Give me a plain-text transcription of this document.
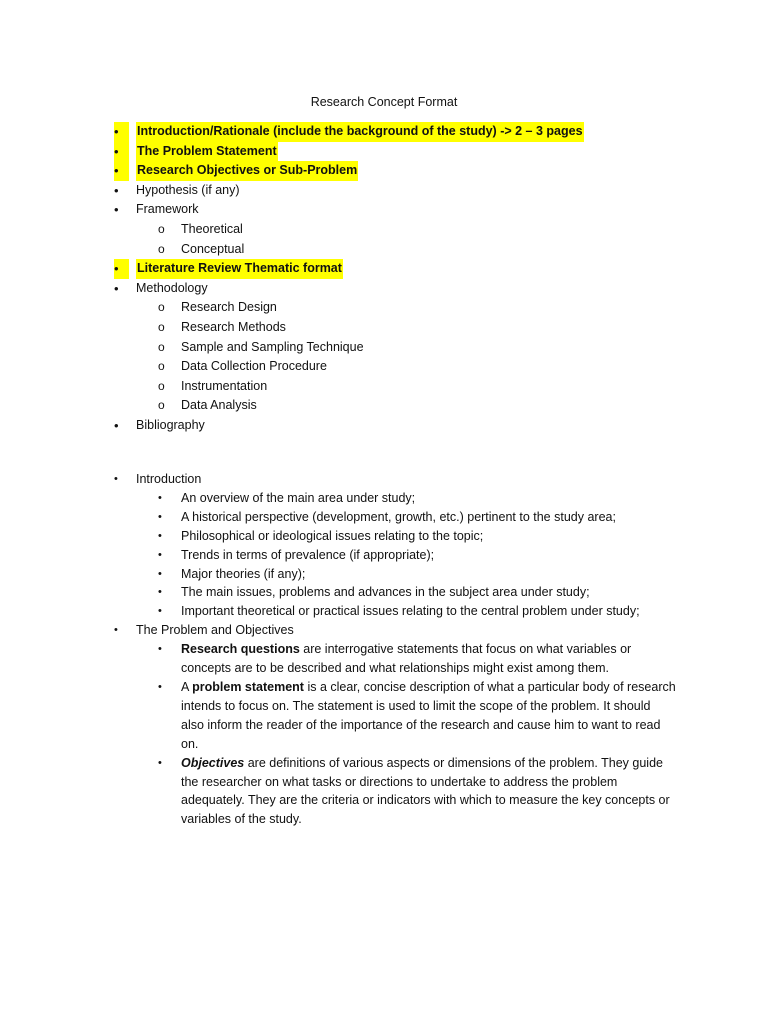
Research Concept Format
•	Introduction/Rationale (include the background of the study) -> 2 – 3 pages
•	The Problem Statement
•	Research Objectives or Sub-Problem
• Hypothesis (if any)
• Framework
o Theoretical
o Conceptual
•	Literature Review Thematic format
• Methodology
o Research Design
o Research Methods
o Sample and Sampling Technique
o Data Collection Procedure
o Instrumentation
o Data Analysis
• Bibliography
• Introduction
• An overview of the main area under study;
• A historical perspective (development, growth, etc.) pertinent to the study area;
• Philosophical or ideological issues relating to the topic;
• Trends in terms of prevalence (if appropriate);
• Major theories (if any);
• The main issues, problems and advances in the subject area under study;
• Important theoretical or practical issues relating to the central problem under study;
• The Problem and Objectives
• Research questions are interrogative statements that focus on what variables or concepts are to be described and what relationships might exist among them.
• A problem statement is a clear, concise description of what a particular body of research intends to focus on. The statement is used to limit the scope of the problem. It should also inform the reader of the importance of the research and cause him to want to read on.
• Objectives are definitions of various aspects or dimensions of the problem. They guide the researcher on what tasks or directions to undertake to address the problem adequately. They are the criteria or indicators with which to measure the key concepts or variables of the study.
